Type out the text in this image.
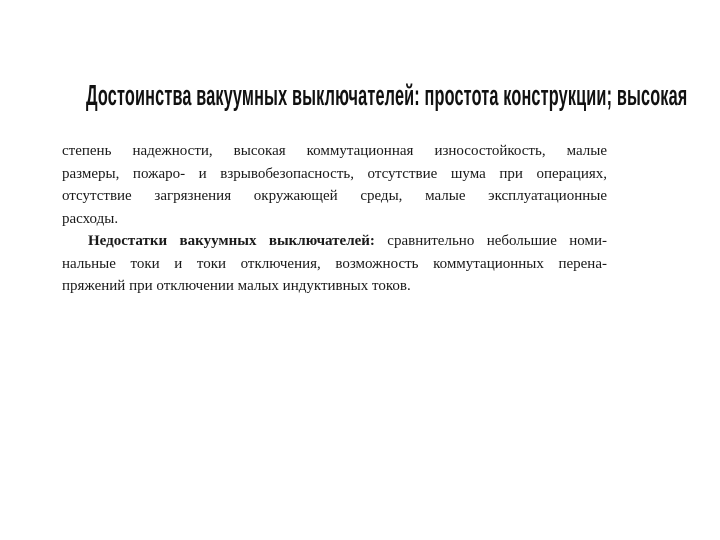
Достоинства вакуумных выключателей: простота конструкции; высокая
степень надежности, высокая коммутационная износостойкость, малые
размеры, пожаро- и взрывобезопасность, отсутствие шума при операциях,
отсутствие загрязнения окружающей среды, малые эксплуатационные
расходы.
Недостатки вакуумных выключателей: сравнительно небольшие номи-
нальные токи и токи отключения, возможность коммутационных перена-
пряжений при отключении малых индуктивных токов.
